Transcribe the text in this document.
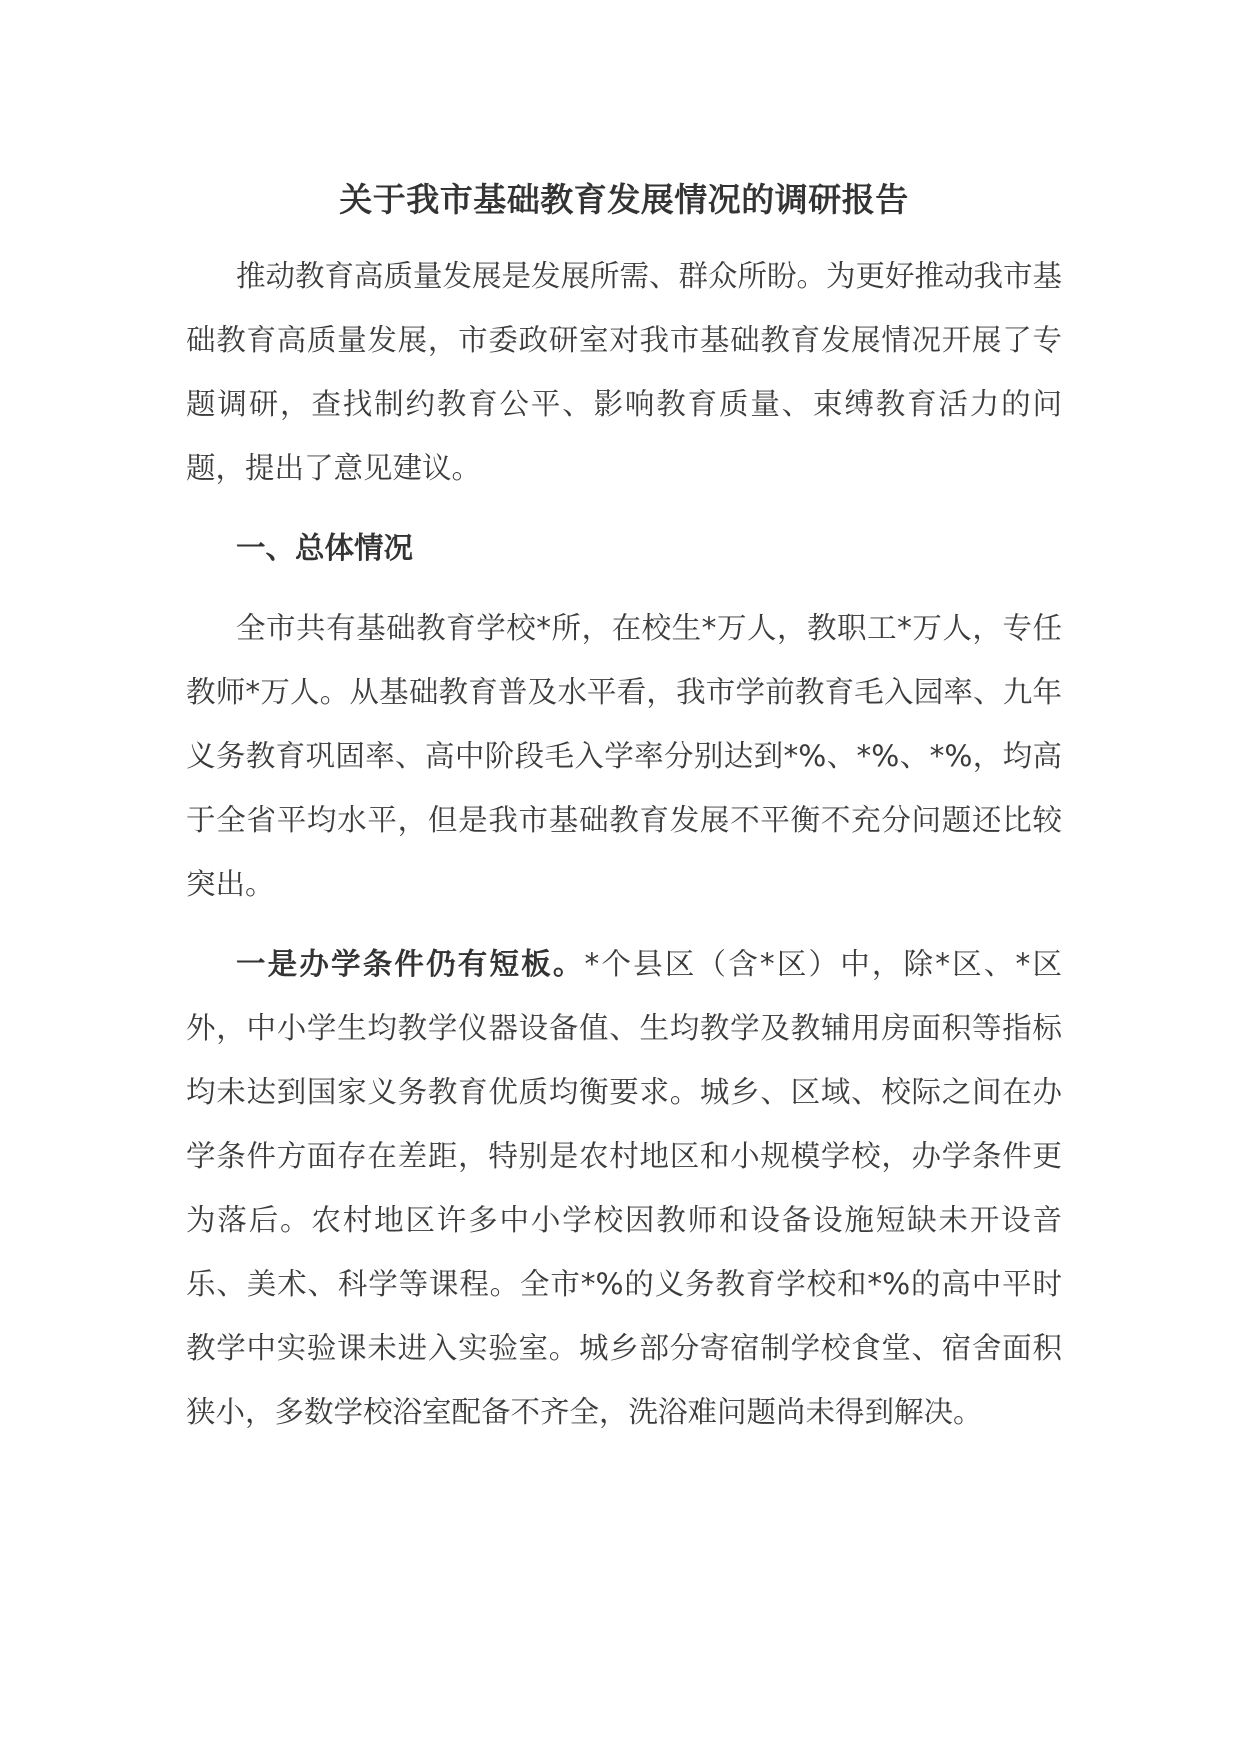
关于我市基础教育发展情况的调研报告

推动教育高质量发展是发展所需、群众所盼。为更好推动我市基础教育高质量发展，市委政研室对我市基础教育发展情况开展了专题调研，查找制约教育公平、影响教育质量、束缚教育活力的问题，提出了意见建议。

一、总体情况

全市共有基础教育学校*所，在校生*万人，教职工*万人，专任教师*万人。从基础教育普及水平看，我市学前教育毛入园率、九年义务教育巩固率、高中阶段毛入学率分别达到*%、*%、*%，均高于全省平均水平，但是我市基础教育发展不平衡不充分问题还比较突出。

一是办学条件仍有短板。*个县区（含*区）中，除*区、*区外，中小学生均教学仪器设备值、生均教学及教辅用房面积等指标均未达到国家义务教育优质均衡要求。城乡、区域、校际之间在办学条件方面存在差距，特别是农村地区和小规模学校，办学条件更为落后。农村地区许多中小学校因教师和设备设施短缺未开设音乐、美术、科学等课程。全市*%的义务教育学校和*%的高中平时教学中实验课未进入实验室。城乡部分寄宿制学校食堂、宿舍面积狭小，多数学校浴室配备不齐全，洗浴难问题尚未得到解决。
